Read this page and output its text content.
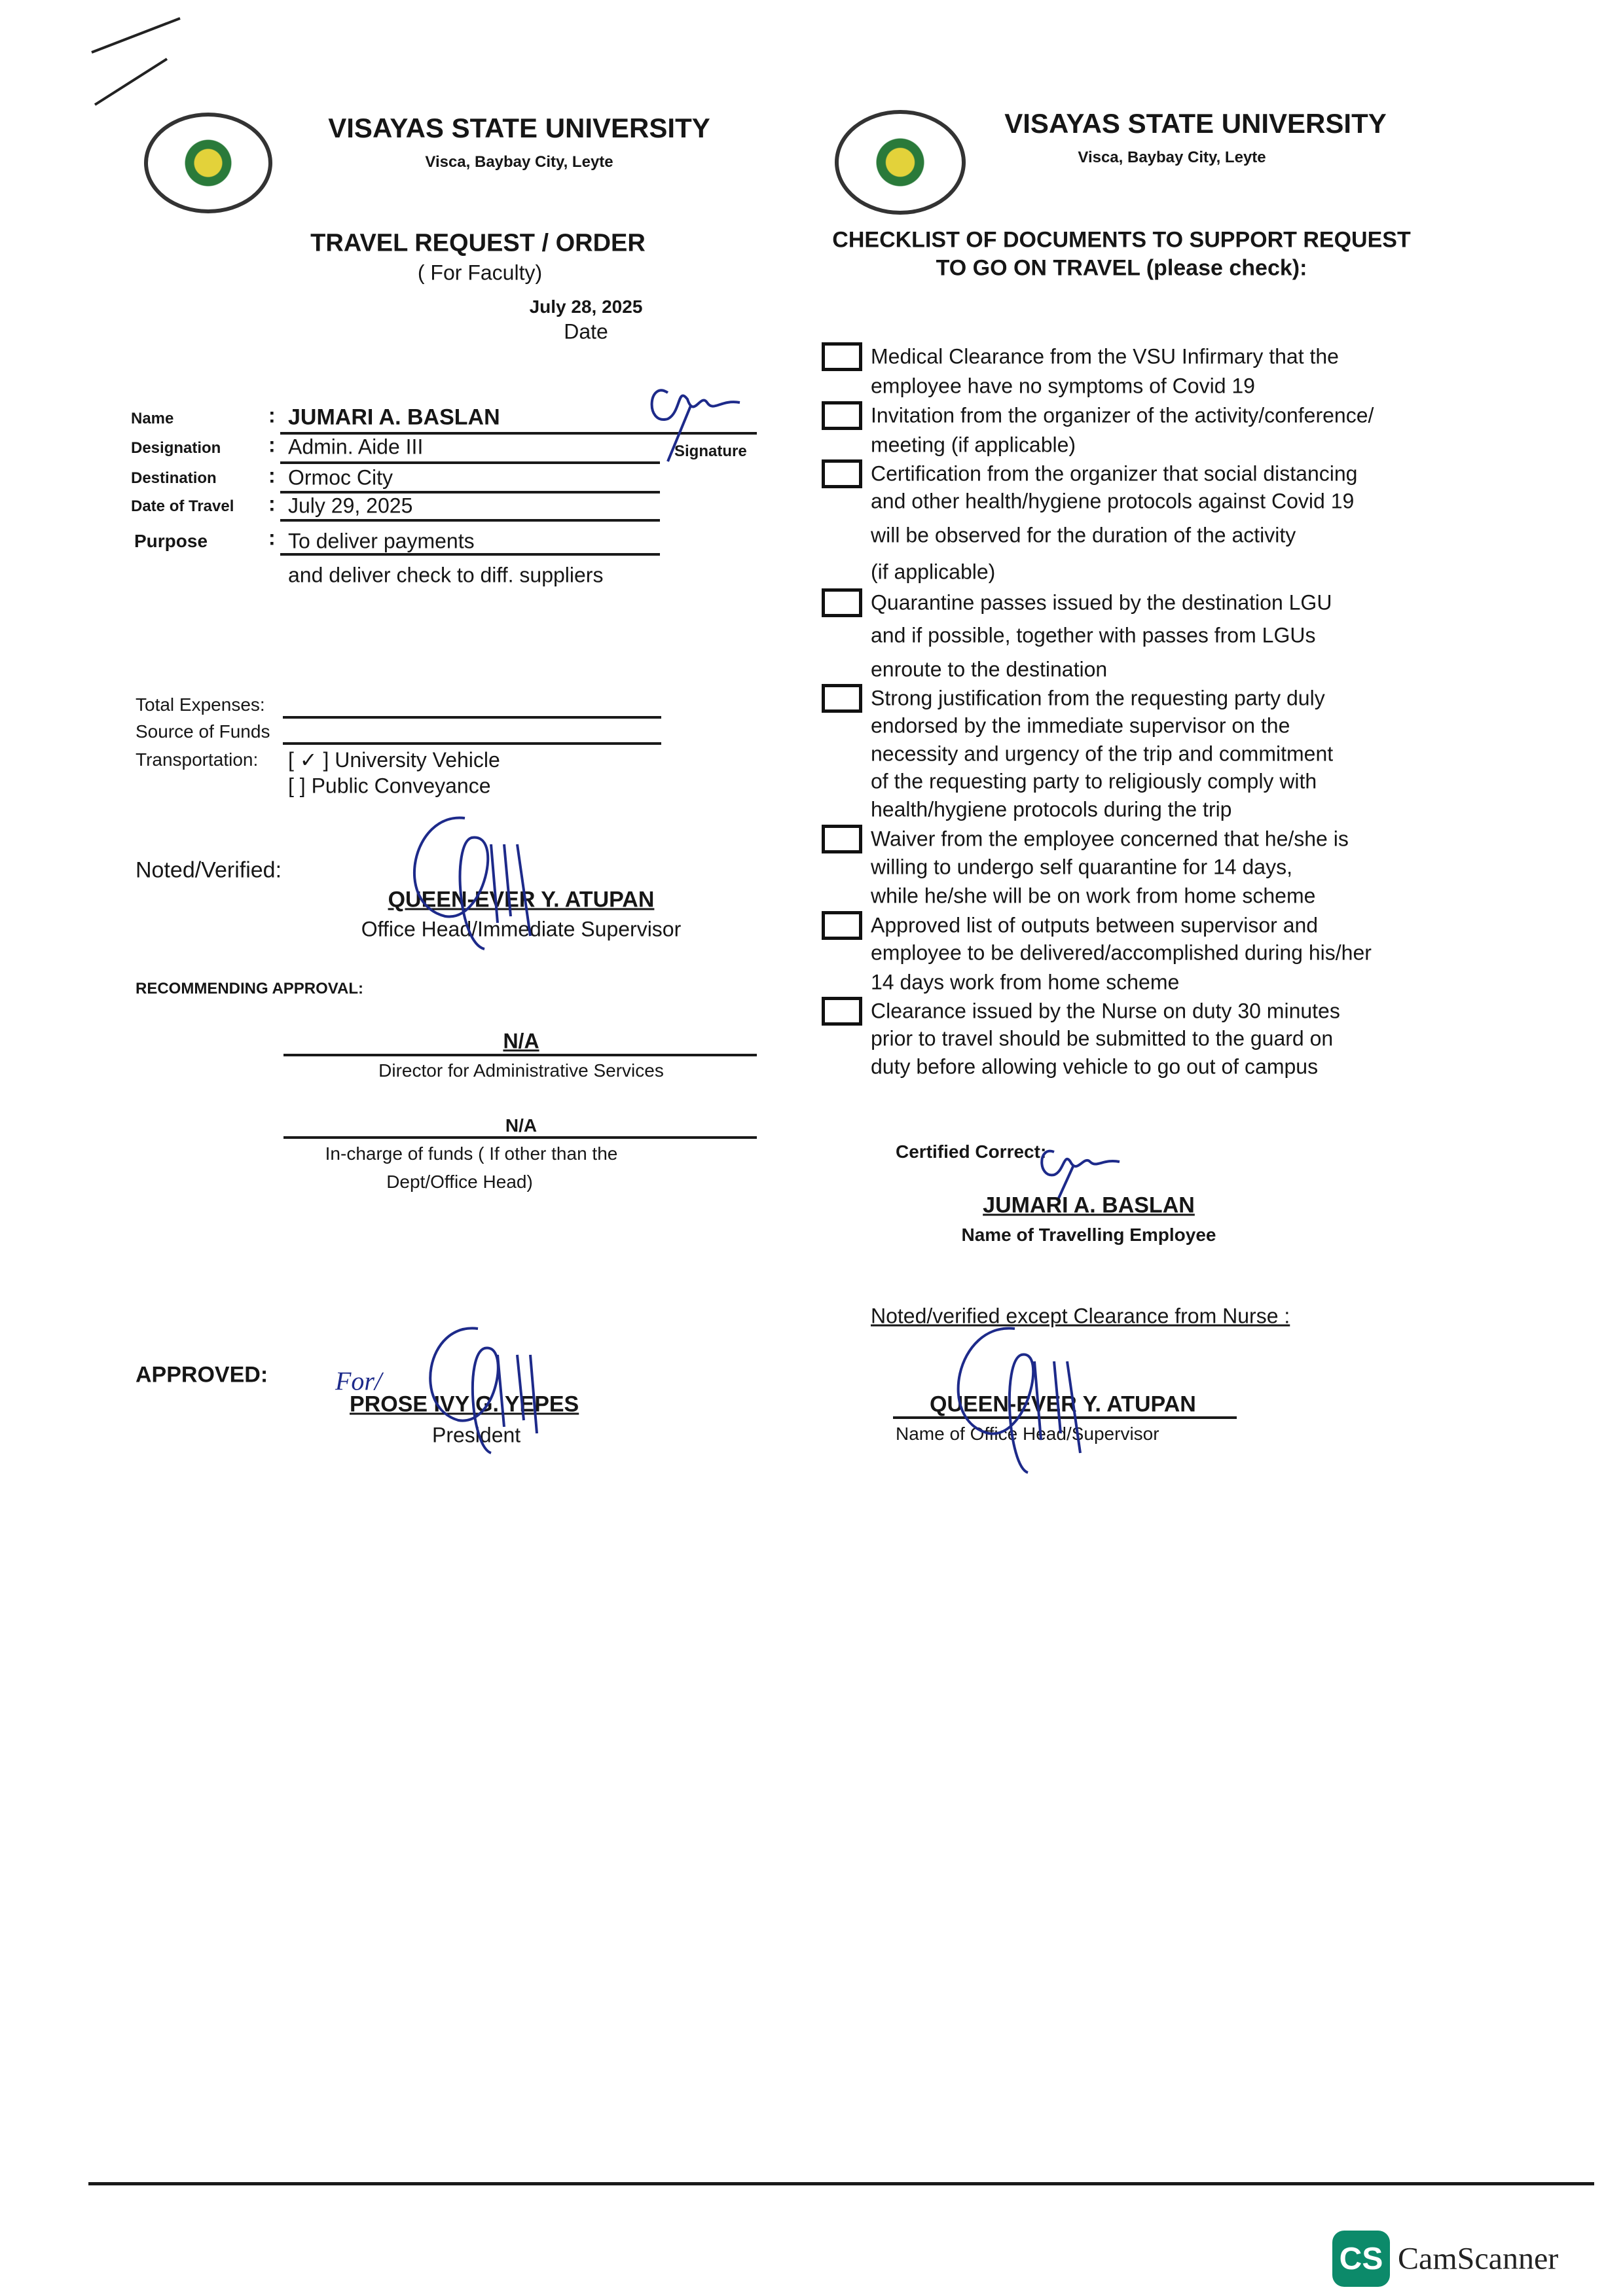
VISAYAS STATE UNIVERSITY
Visca, Baybay City, Leyte
TRAVEL REQUEST / ORDER
( For Faculty)
July 28, 2025
Date
Name	: JUMARI A. BASLAN
Signature
Designation : Admin. Aide III
Destination : Ormoc City
Date of Travel : July 29, 2025
Purpose	: To deliver payments
and deliver check to diff. suppliers
Total Expenses:
Source of Funds
Transportation: [ ✓ ] University Vehicle
[ ] Public Conveyance
Noted/Verified:
QUEEN-EVER Y. ATUPAN
Office Head/Immediate Supervisor
RECOMMENDING APPROVAL:
N/A
Director for Administrative Services
N/A
In-charge of funds ( If other than the
Dept/Office Head)
APPROVED:	For/
PROSE IVY G. YEPES
President
VISAYAS STATE UNIVERSITY
Visca, Baybay City, Leyte
CHECKLIST OF DOCUMENTS TO SUPPORT REQUEST
TO GO ON TRAVEL (please check):
Medical Clearance from the VSU Infirmary that the
employee have no symptoms of Covid 19
Invitation from the organizer of the activity/conference/
meeting (if applicable)
Certification from the organizer that social distancing
and other health/hygiene protocols against Covid 19
will be observed for the duration of the activity
(if applicable)
Quarantine passes issued by the destination LGU
and if possible, together with passes from LGUs
enroute to the destination
Strong justification from the requesting party duly
endorsed by the immediate supervisor on the
necessity and urgency of the trip and commitment
of the requesting party to religiously comply with
health/hygiene protocols during the trip
Waiver from the employee concerned that he/she is
willing to undergo self quarantine for 14 days,
while he/she will be on work from home scheme
Approved list of outputs between supervisor and
employee to be delivered/accomplished during his/her
14 days work from home scheme
Clearance issued by the Nurse on duty 30 minutes
prior to travel should be submitted to the guard on
duty before allowing vehicle to go out of campus
Certified Correct:
JUMARI A. BASLAN
Name of Travelling Employee
Noted/verified except Clearance from Nurse :
QUEEN-EVER Y. ATUPAN
Name of Office Head/Supervisor
CS CamScanner
